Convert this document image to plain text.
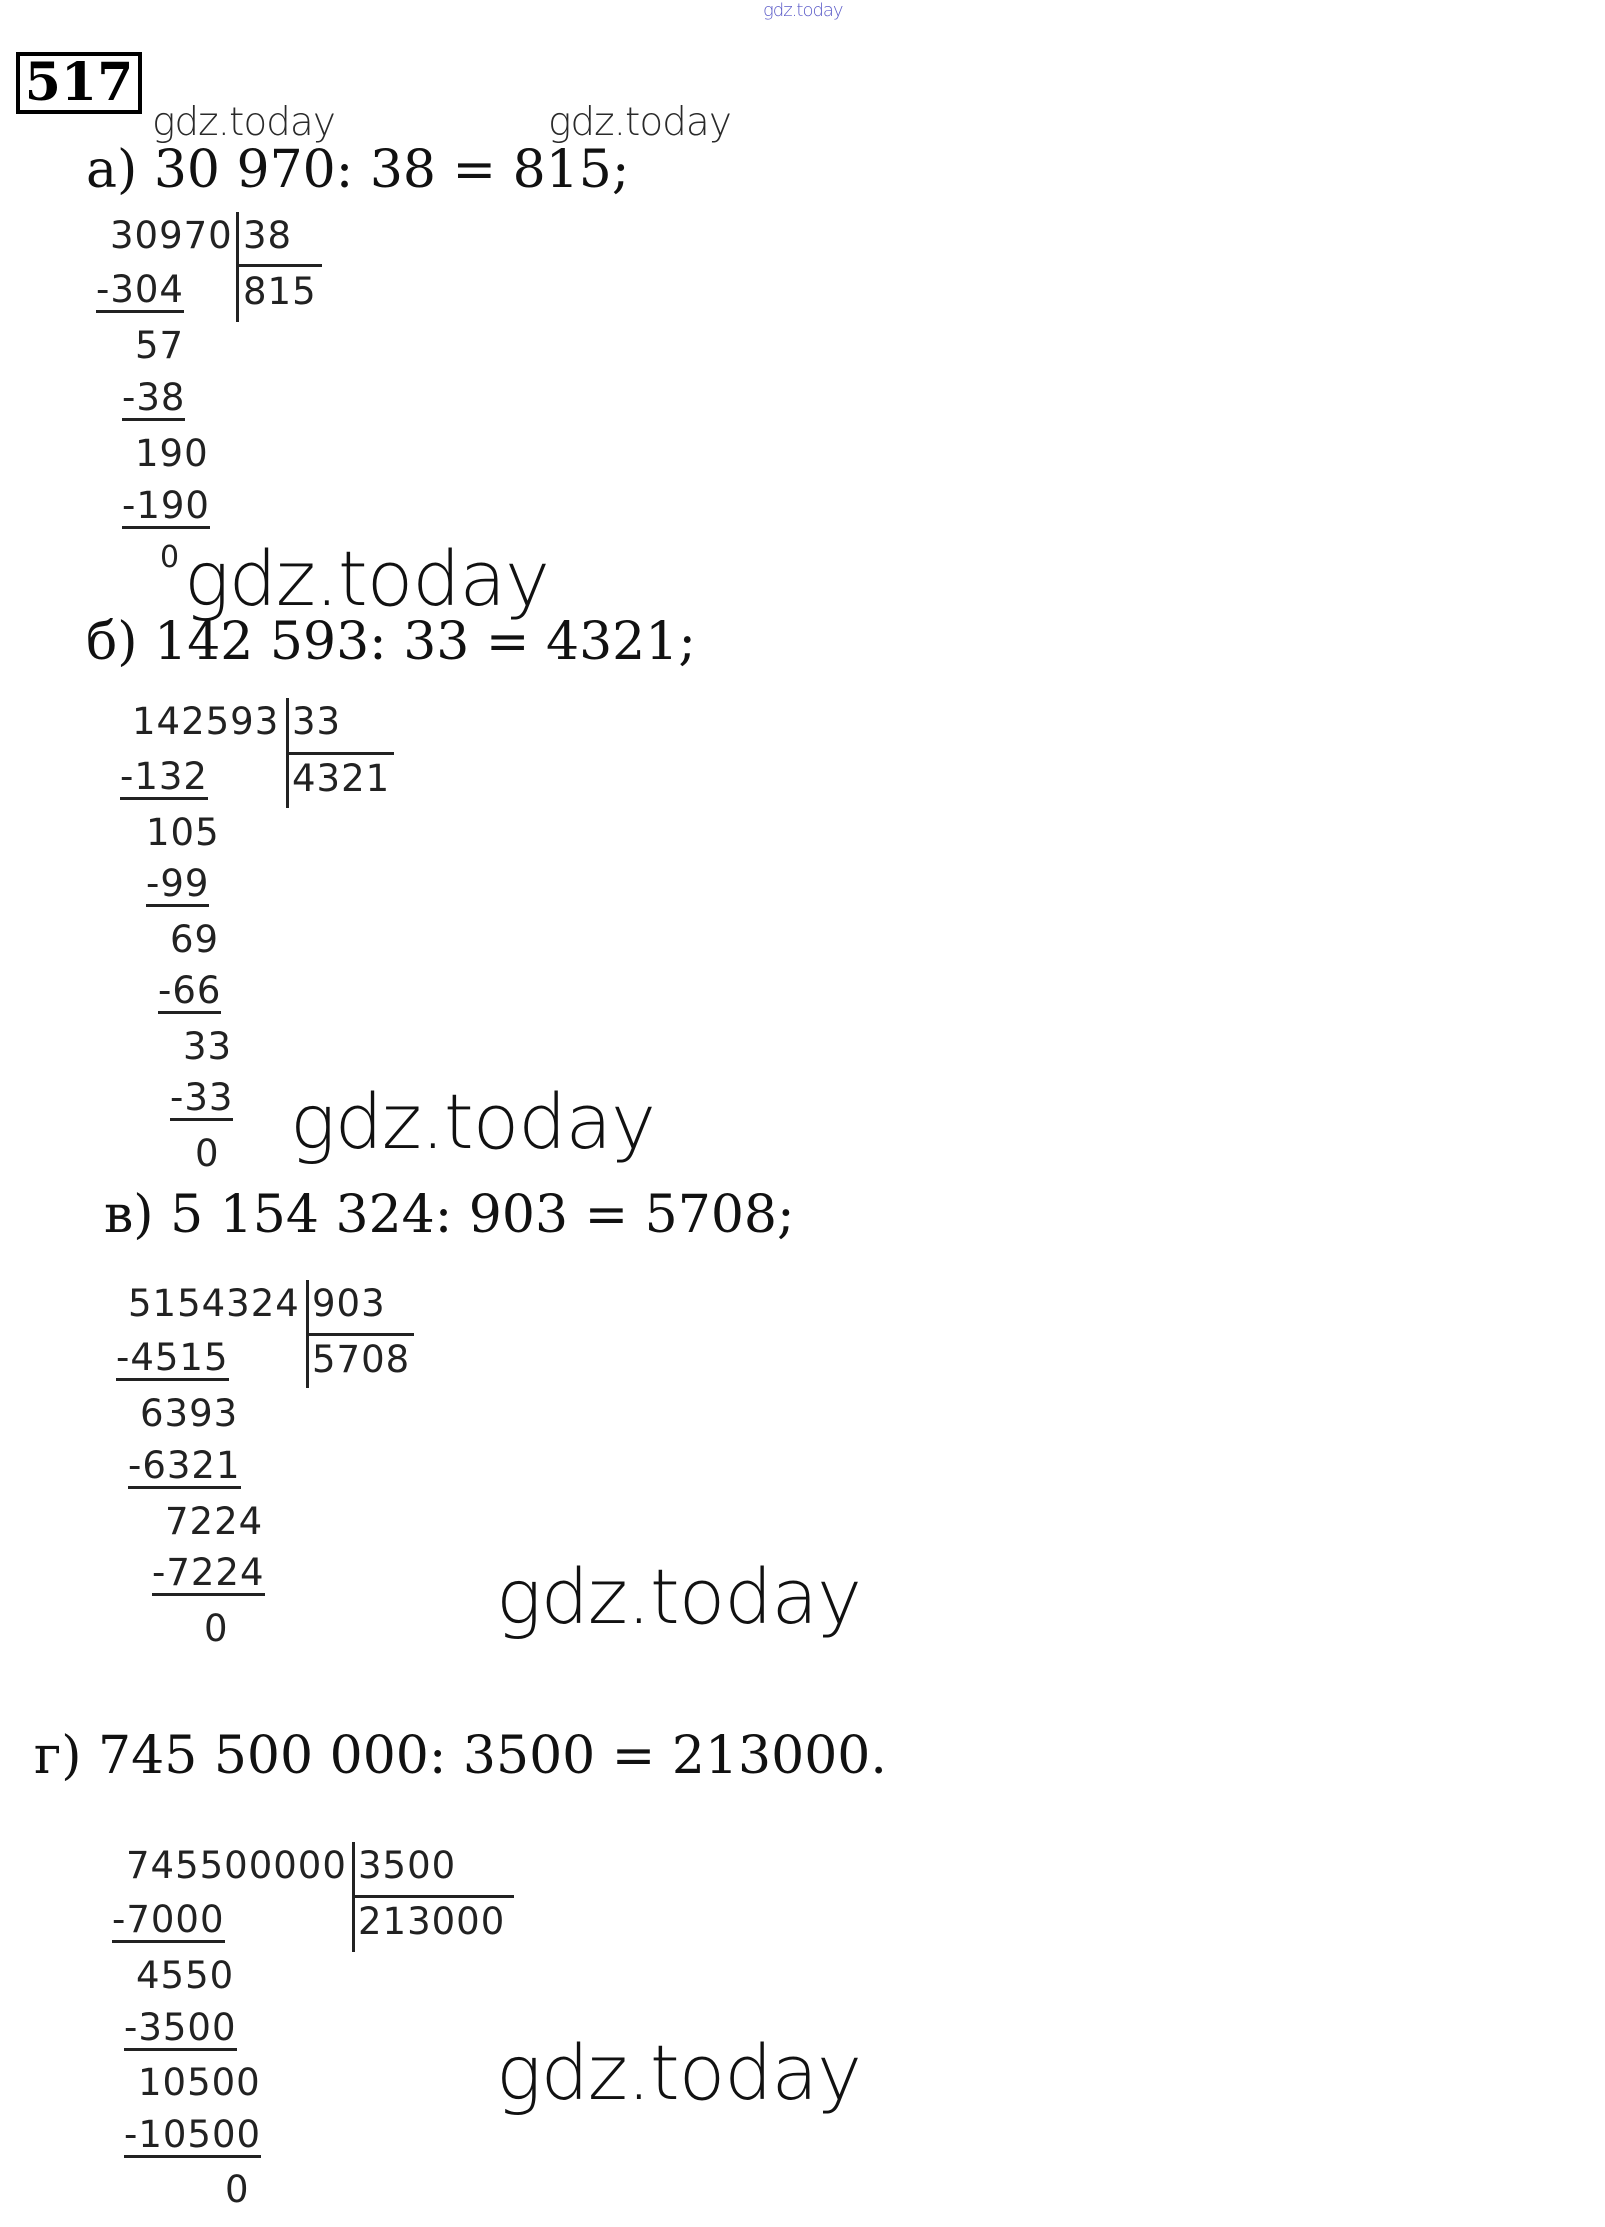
gdz.today
517
gdz.today	gdz.today
а) 30 970: 38 = 815;
30970 38
815
-304
57
-38
190
-190
0 gdz.today
б) 142 593: 33 = 4321;
142593 33
4321
-132
105
-99
69
-66
33
-33
0 gdz.today
в) 5 154 324: 903 = 5708;
5154324 903
5708
-4515
6393
-6321
7224
-7224
0	gdz.today
г) 745 500 000: 3500 = 213000.
745500000 3500
213000
-7000
4550
-3500
10500
-10500
0
gdz.today
